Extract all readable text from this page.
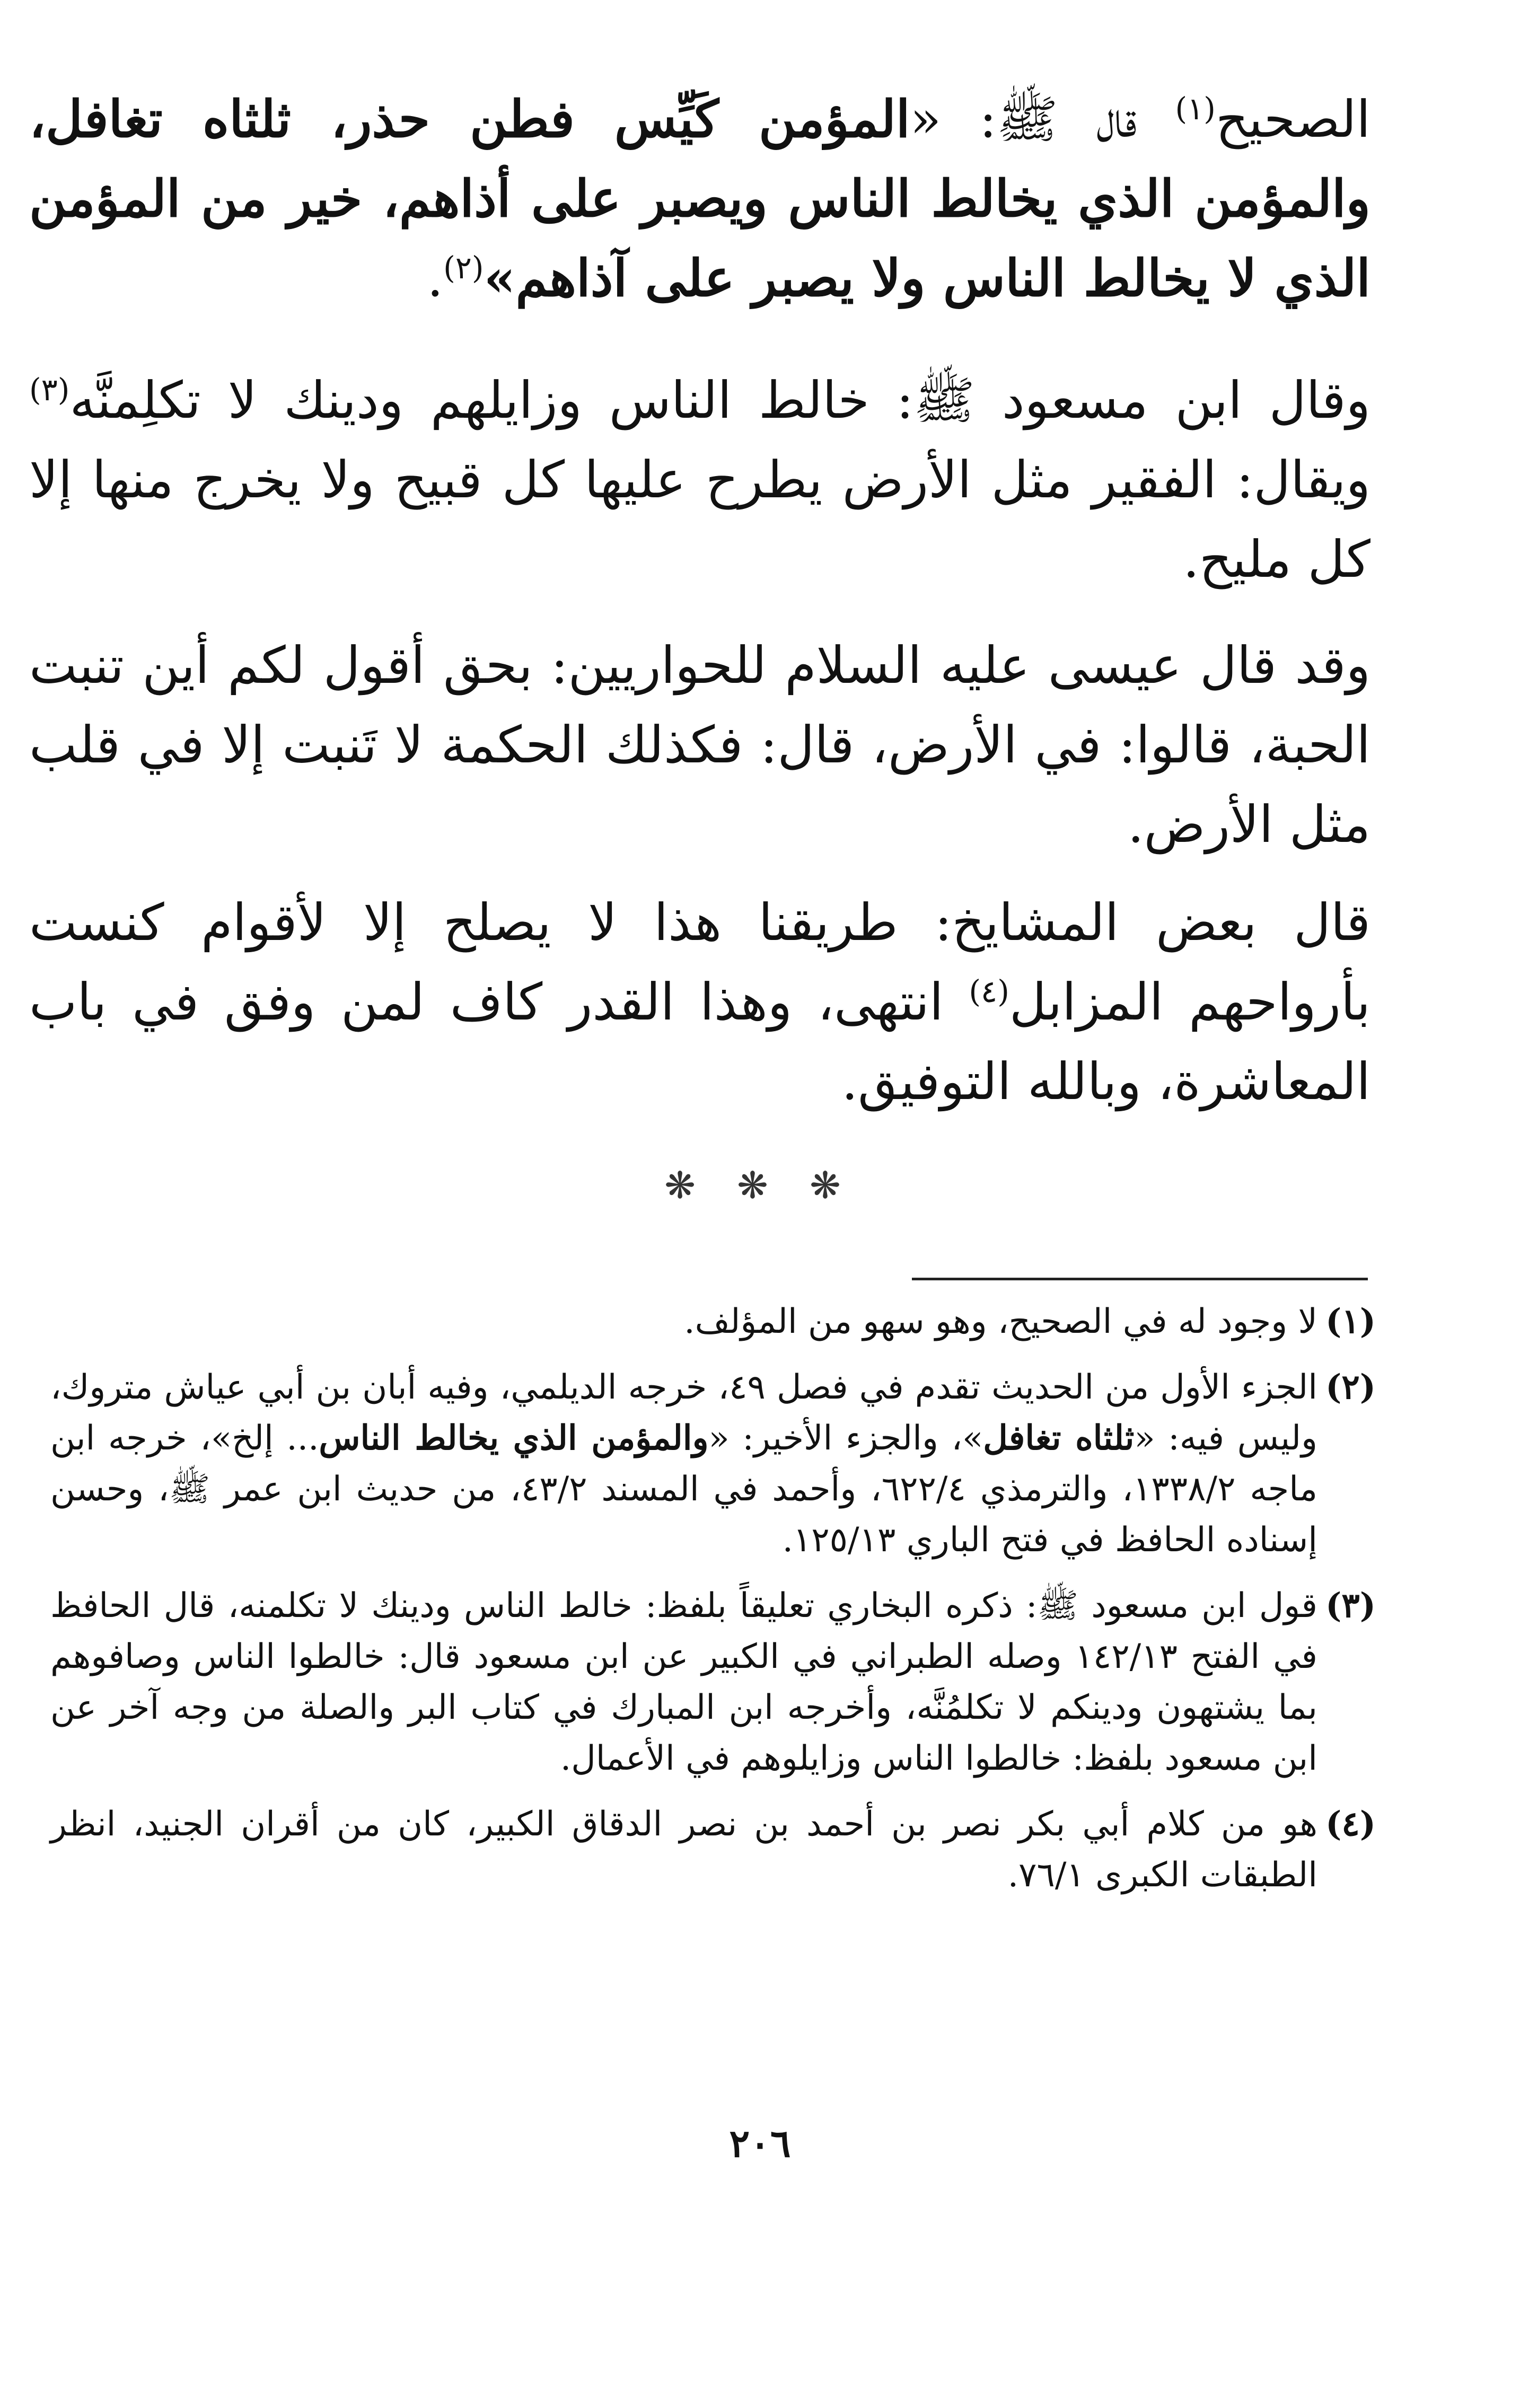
الصحيح$^{(١)}$ قال ﷺ: «المؤمن كَيِّس فطن حذر، ثلثاه تغافل، والمؤمن الذي يخالط الناس ويصبر على أذاهم، خير من المؤمن الذي لا يخالط الناس ولا يصبر على آذاهم»$^{(٢)}$.

وقال ابن مسعود ﷺ: خالط الناس وزايلهم ودينك لا تكلِمنَّه$^{(٣)}$ ويقال: الفقير مثل الأرض يطرح عليها كل قبيح ولا يخرج منها إلا كل مليح.

وقد قال عيسى عليه السلام للحواريين: بحق أقول لكم أين تنبت الحبة، قالوا: في الأرض، قال: فكذلك الحكمة لا تَنبت إلا في قلب مثل الأرض.

قال بعض المشايخ: طريقنا هذا لا يصلح إلا لأقوام كنست بأرواحهم المزابل$^{(٤)}$ انتهى، وهذا القدر كاف لمن وفق في باب المعاشرة، وبالله التوفيق.

❋ ❋ ❋
(١)
لا وجود له في الصحيح، وهو سهو من المؤلف.
(٢)
الجزء الأول من الحديث تقدم في فصل ٤٩، خرجه الديلمي، وفيه أبان بن أبي عياش متروك، وليس فيه: «ثلثاه تغافل»، والجزء الأخير: «والمؤمن الذي يخالط الناس... إلخ»، خرجه ابن ماجه ١٣٣٨/٢، والترمذي ٦٢٢/٤، وأحمد في المسند ٤٣/٢، من حديث ابن عمر ﷺ، وحسن إسناده الحافظ في فتح الباري ١٢٥/١٣.
(٣)
قول ابن مسعود ﷺ: ذكره البخاري تعليقاً بلفظ: خالط الناس ودينك لا تكلمنه، قال الحافظ في الفتح ١٤٢/١٣ وصله الطبراني في الكبير عن ابن مسعود قال: خالطوا الناس وصافوهم بما يشتهون ودينكم لا تكلمُنَّه، وأخرجه ابن المبارك في كتاب البر والصلة من وجه آخر عن ابن مسعود بلفظ: خالطوا الناس وزايلوهم في الأعمال.
(٤)
هو من كلام أبي بكر نصر بن أحمد بن نصر الدقاق الكبير، كان من أقران الجنيد، انظر الطبقات الكبرى ٧٦/١.
٢٠٦
